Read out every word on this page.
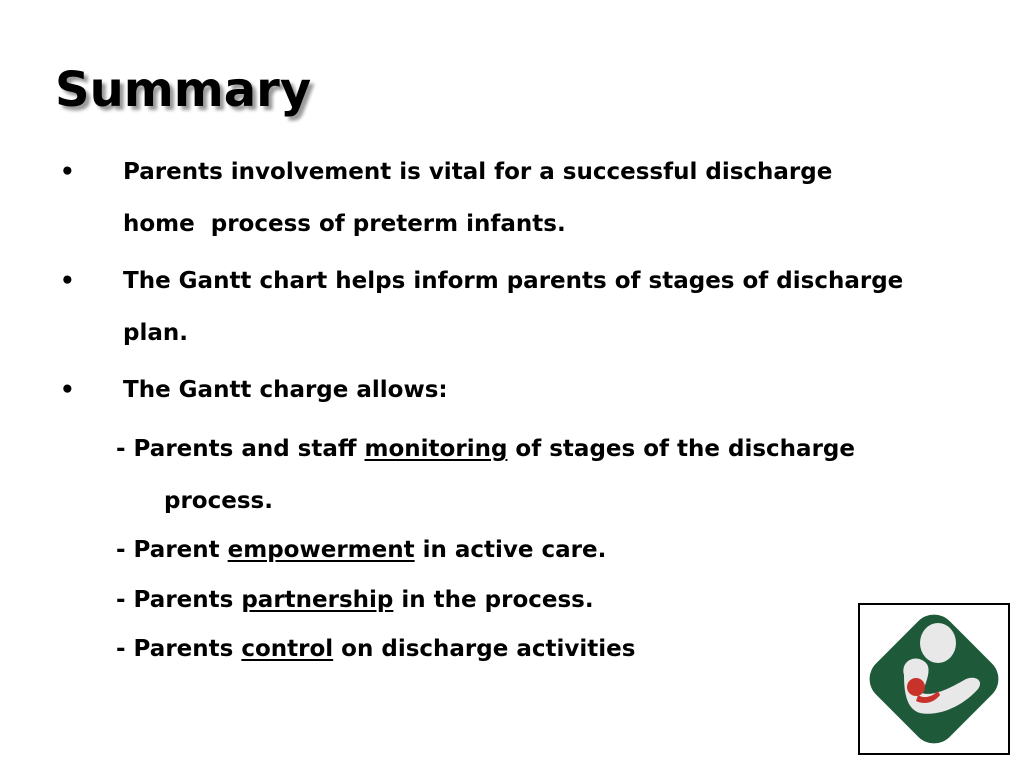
Summary
• Parents involvement is vital for a successful discharge home  process of preterm infants.
• The Gantt chart helps inform parents of stages of discharge plan.
• The Gantt charge allows:
- Parents and staff monitoring of stages of the discharge
process.
- Parent empowerment in active care.
- Parents partnership in the process.
- Parents control on discharge activities
